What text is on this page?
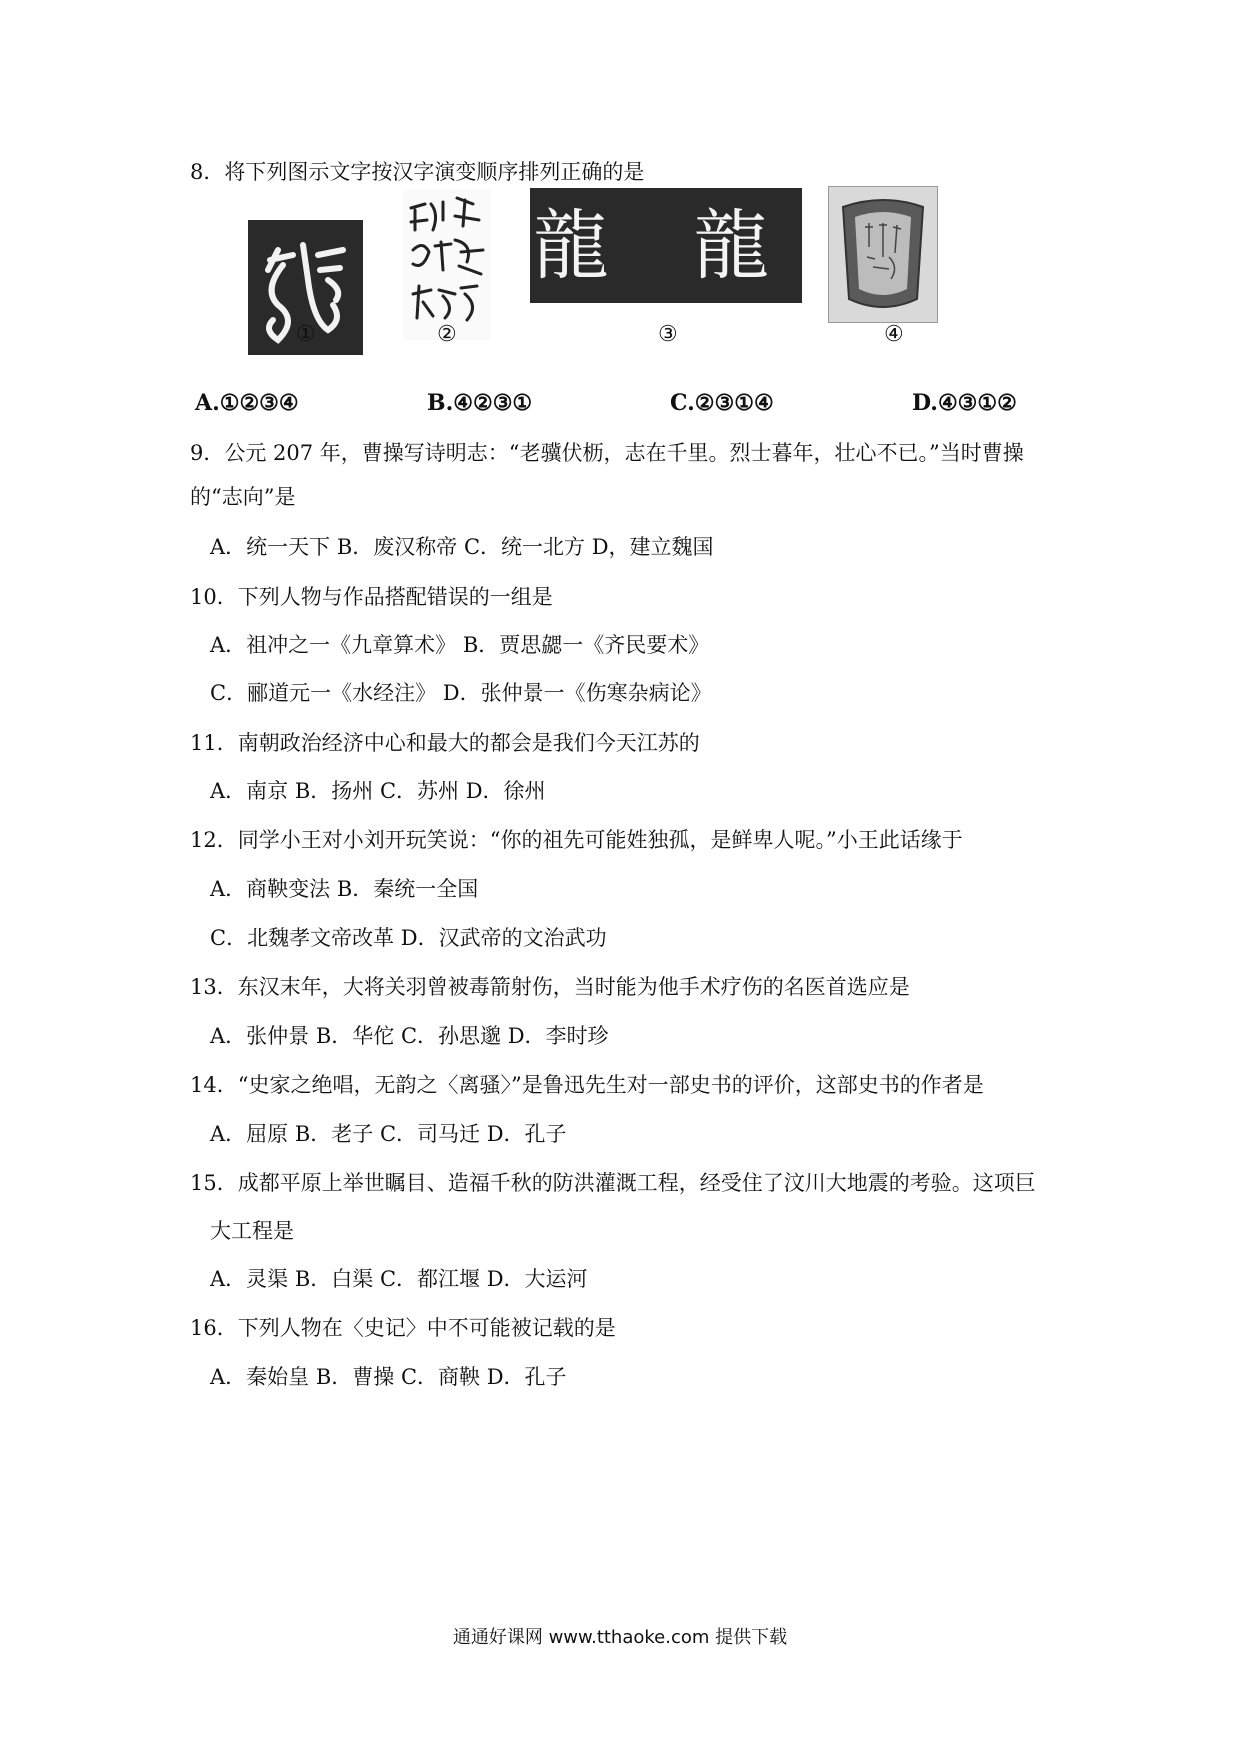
8．将下列图示文字按汉字演变顺序排列正确的是
①	②
龍 龍
③	④
A.①②③④	B.④②③①	C.②③①④	D.④③①②
9．公元 207 年，曹操写诗明志：“老骥伏枥，志在千里。烈士暮年，壮心不已。”当时曹操
的“志向”是
A．统一天下 B．废汉称帝 C．统一北方 D，建立魏国
10．下列人物与作品搭配错误的一组是
A．祖冲之一《九章算术》 B．贾思勰一《齐民要术》
C．郦道元一《水经注》 D．张仲景一《伤寒杂病论》
11．南朝政治经济中心和最大的都会是我们今天江苏的
A．南京 B．扬州 C．苏州 D．徐州
12．同学小王对小刘开玩笑说：“你的祖先可能姓独孤，是鲜卑人呢。”小王此话缘于
A．商鞅变法 B．秦统一全国
C．北魏孝文帝改革 D．汉武帝的文治武功
13．东汉末年，大将关羽曾被毒箭射伤，当时能为他手术疗伤的名医首选应是
A．张仲景 B．华佗 C．孙思邈 D．李时珍
14．“史家之绝唱，无韵之〈离骚〉”是鲁迅先生对一部史书的评价，这部史书的作者是
A．屈原 B．老子 C．司马迁 D．孔子
15．成都平原上举世瞩目、造福千秋的防洪灌溉工程，经受住了汶川大地震的考验。这项巨
大工程是
A．灵渠 B．白渠 C．都江堰 D．大运河
16．下列人物在〈史记〉中不可能被记载的是
A．秦始皇 B．曹操 C．商鞅 D．孔子
通通好课网 www.tthaoke.com 提供下载
